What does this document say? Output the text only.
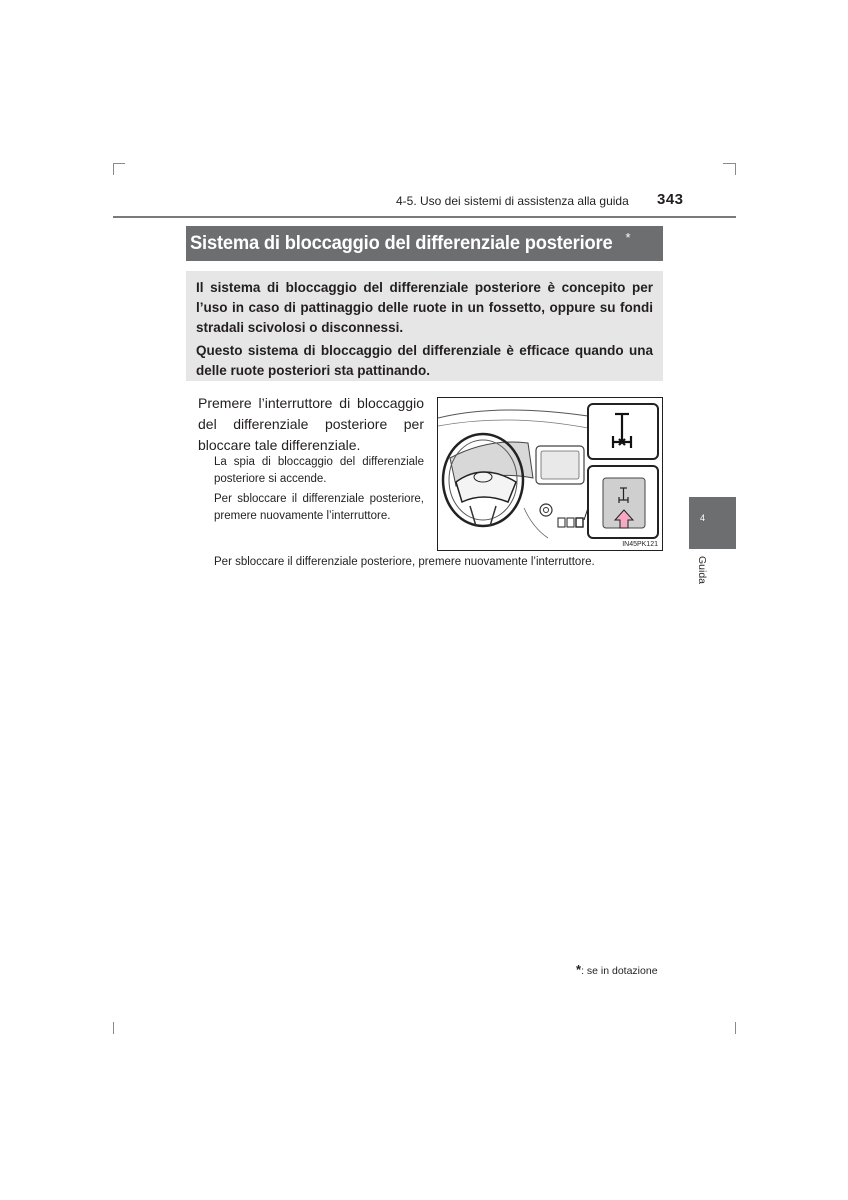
4-5. Uso dei sistemi di assistenza alla guida 343
Sistema di bloccaggio del differenziale posteriore *

Il sistema di bloccaggio del differenziale posteriore è concepito per l’uso in caso di pattinaggio delle ruote in un fossetto, oppure su fondi stradali scivolosi o disconnessi.

Questo sistema di bloccaggio del differenziale è efficace quando una delle ruote posteriori sta pattinando.

Premere l’interruttore di bloccaggio del differenziale posteriore per bloccare tale differenziale.
La spia di bloccaggio del differenziale posteriore si accende.
Per sbloccare il differenziale posteriore, premere nuovamente l’interruttore.
Per sbloccare il differenziale posteriore, premere nuovamente l’interruttore.
IN45PK121
4
Guida
*: se in dotazione
